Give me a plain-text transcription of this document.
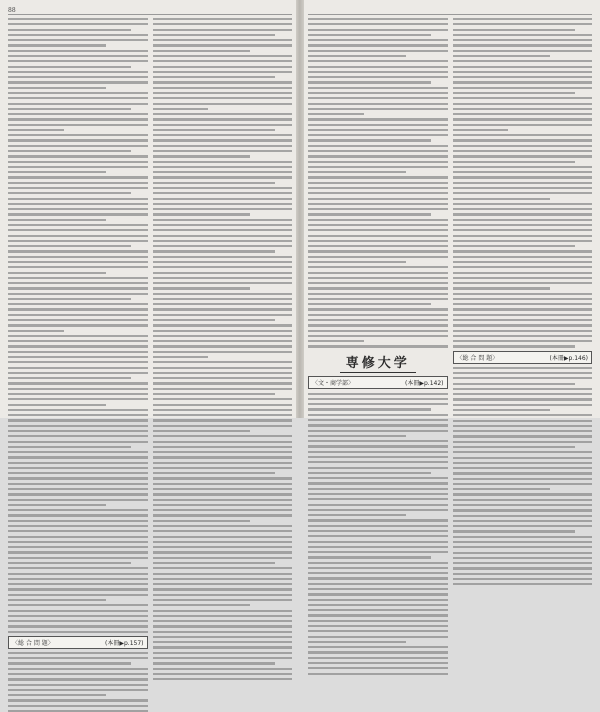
88
〈総 合 問 題〉	(本冊▶p.157)
専修大学
〈文・商学部〉	(本冊▶p.142)
〈総 合 問 題〉	(本冊▶p.146)
